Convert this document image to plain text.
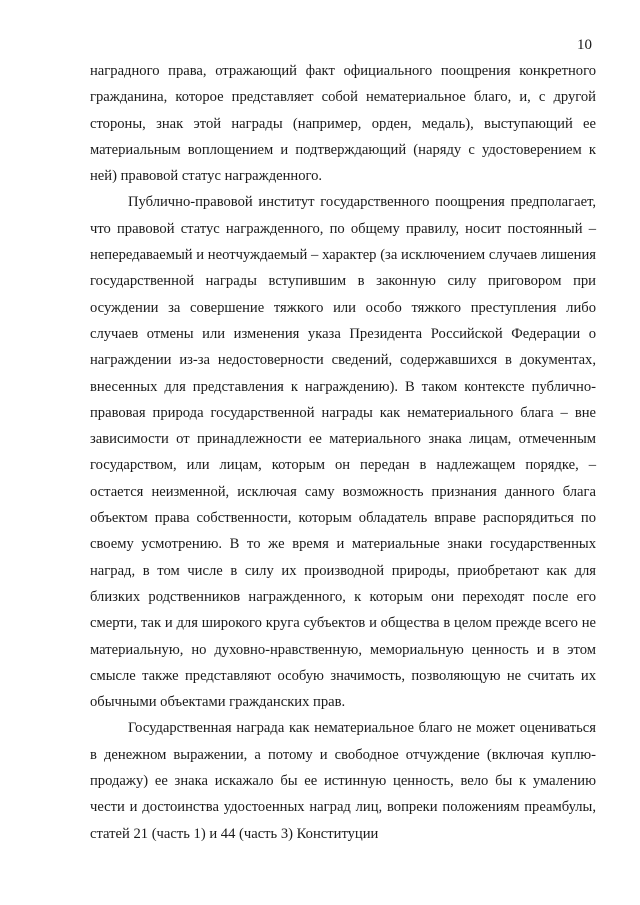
10

наградного права, отражающий факт официального поощрения конкретного гражданина, которое представляет собой нематериальное благо, и, с другой стороны, знак этой награды (например, орден, медаль), выступающий ее материальным воплощением и подтверждающий (наряду с удостоверением к ней) правовой статус награжденного.

Публично-правовой институт государственного поощрения предполагает, что правовой статус награжденного, по общему правилу, носит постоянный – непередаваемый и неотчуждаемый – характер (за исключением случаев лишения государственной награды вступившим в законную силу приговором при осуждении за совершение тяжкого или особо тяжкого преступления либо случаев отмены или изменения указа Президента Российской Федерации о награждении из-за недостоверности сведений, содержавшихся в документах, внесенных для представления к награждению). В таком контексте публично-правовая природа государственной награды как нематериального блага – вне зависимости от принадлежности ее материального знака лицам, отмеченным государством, или лицам, которым он передан в надлежащем порядке, – остается неизменной, исключая саму возможность признания данного блага объектом права собственности, которым обладатель вправе распорядиться по своему усмотрению. В то же время и материальные знаки государственных наград, в том числе в силу их производной природы, приобретают как для близких родственников награжденного, к которым они переходят после его смерти, так и для широкого круга субъектов и общества в целом прежде всего не материальную, но духовно-нравственную, мемориальную ценность и в этом смысле также представляют особую значимость, позволяющую не считать их обычными объектами гражданских прав.

Государственная награда как нематериальное благо не может оцениваться в денежном выражении, а потому и свободное отчуждение (включая куплю-продажу) ее знака искажало бы ее истинную ценность, вело бы к умалению чести и достоинства удостоенных наград лиц, вопреки положениям преамбулы, статей 21 (часть 1) и 44 (часть 3) Конституции
